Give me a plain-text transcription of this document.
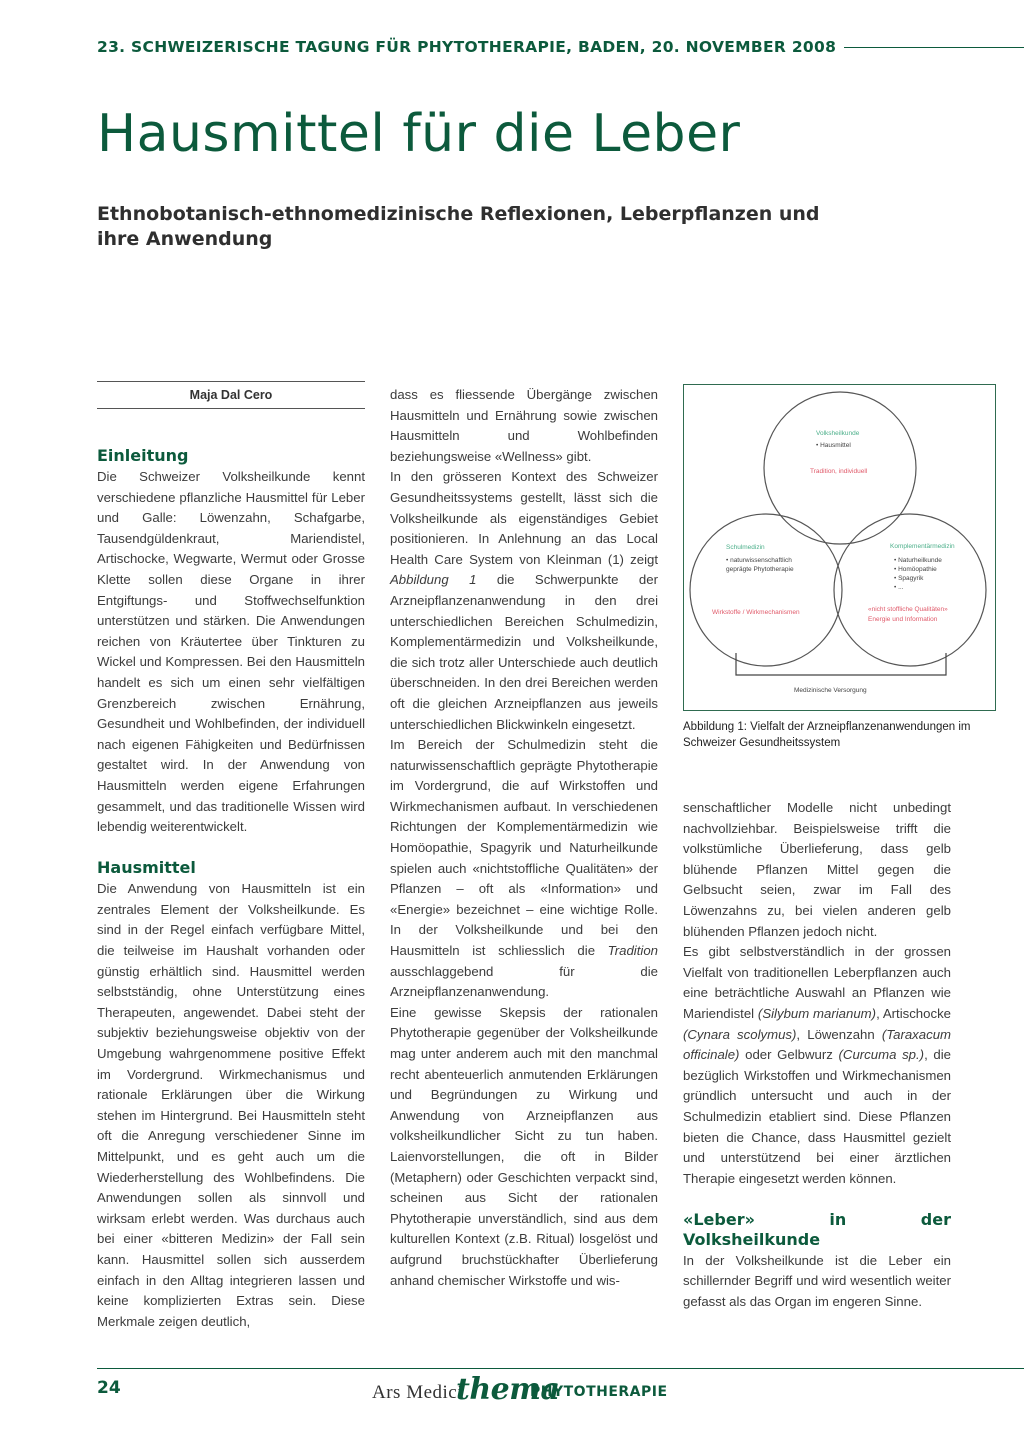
23. SCHWEIZERISCHE TAGUNG FÜR PHYTOTHERAPIE, BADEN, 20. NOVEMBER 2008
Hausmittel für die Leber
Ethnobotanisch-ethnomedizinische Reflexionen, Leberpflanzen und ihre Anwendung
Maja Dal Cero
Einleitung

Die Schweizer Volksheilkunde kennt verschiedene pflanzliche Hausmittel für Leber und Galle: Löwenzahn, Schafgarbe, Tausendgüldenkraut, Mariendistel, Artischocke, Wegwarte, Wermut oder Grosse Klette sollen diese Organe in ihrer Entgiftungs- und Stoffwechselfunktion unterstützen und stärken. Die Anwendungen reichen von Kräutertee über Tinkturen zu Wickel und Kompressen. Bei den Hausmitteln handelt es sich um einen sehr vielfältigen Grenzbereich zwischen Ernährung, Gesundheit und Wohlbefinden, der individuell nach eigenen Fähigkeiten und Bedürfnissen gestaltet wird. In der Anwendung von Hausmitteln werden eigene Erfahrungen gesammelt, und das traditionelle Wissen wird lebendig weiterentwickelt.

Hausmittel

Die Anwendung von Hausmitteln ist ein zentrales Element der Volksheilkunde. Es sind in der Regel einfach verfügbare Mittel, die teilweise im Haushalt vorhanden oder günstig erhältlich sind. Hausmittel werden selbstständig, ohne Unterstützung eines Therapeuten, angewendet. Dabei steht der subjektiv beziehungsweise objektiv von der Umgebung wahrgenommene positive Effekt im Vordergrund. Wirkmechanismus und rationale Erklärungen über die Wirkung stehen im Hintergrund. Bei Hausmitteln steht oft die Anregung verschiedener Sinne im Mittelpunkt, und es geht auch um die Wiederherstellung des Wohlbefindens. Die Anwendungen sollen als sinnvoll und wirksam erlebt werden. Was durchaus auch bei einer «bitteren Medizin» der Fall sein kann. Hausmittel sollen sich ausserdem einfach in den Alltag integrieren lassen und keine komplizierten Extras sein. Diese Merkmale zeigen deutlich,

dass es fliessende Übergänge zwischen Hausmitteln und Ernährung sowie zwischen Hausmitteln und Wohlbefinden beziehungsweise «Wellness» gibt.

In den grösseren Kontext des Schweizer Gesundheitssystems gestellt, lässt sich die Volksheilkunde als eigenständiges Gebiet positionieren. In Anlehnung an das Local Health Care System von Kleinman (1) zeigt Abbildung 1 die Schwerpunkte der Arzneipflanzenanwendung in den drei unterschiedlichen Bereichen Schulmedizin, Komplementärmedizin und Volksheilkunde, die sich trotz aller Unterschiede auch deutlich überschneiden. In den drei Bereichen werden oft die gleichen Arzneipflanzen aus jeweils unterschiedlichen Blickwinkeln eingesetzt.

Im Bereich der Schulmedizin steht die naturwissenschaftlich geprägte Phytotherapie im Vordergrund, die auf Wirkstoffen und Wirkmechanismen aufbaut. In verschiedenen Richtungen der Komplementärmedizin wie Homöopathie, Spagyrik und Naturheilkunde spielen auch «nichtstoffliche Qualitäten» der Pflanzen – oft als «Information» und «Energie» bezeichnet – eine wichtige Rolle. In der Volksheilkunde und bei den Hausmitteln ist schliesslich die Tradition ausschlaggebend für die Arzneipflanzenanwendung.

Eine gewisse Skepsis der rationalen Phytotherapie gegenüber der Volksheilkunde mag unter anderem auch mit den manchmal recht abenteuerlich anmutenden Erklärungen und Begründungen zu Wirkung und Anwendung von Arzneipflanzen aus volksheilkundlicher Sicht zu tun haben. Laienvorstellungen, die oft in Bilder (Metaphern) oder Geschichten verpackt sind, scheinen aus Sicht der rationalen Phytotherapie unverständlich, sind aus dem kulturellen Kontext (z.B. Ritual) losgelöst und aufgrund bruchstückhafter Überlieferung anhand chemischer Wirkstoffe und wis-

Volksheilkunde
• Hausmittel
Tradition, individuell
Schulmedizin
• naturwissenschaftlich
geprägte Phytotherapie
Wirkstoffe / Wirkmechanismen
Komplementärmedizin
• Naturheilkunde
• Homöopathie
• Spagyrik
• ...
«nicht stoffliche Qualitäten»
Energie und Information
Medizinische Versorgung
Abbildung 1: Vielfalt der Arzneipflanzenanwendungen im Schweizer Gesundheitssystem

senschaftlicher Modelle nicht unbedingt nachvollziehbar. Beispielsweise trifft die volkstümliche Überlieferung, dass gelb blühende Pflanzen Mittel gegen die Gelbsucht seien, zwar im Fall des Löwenzahns zu, bei vielen anderen gelb blühenden Pflanzen jedoch nicht.

Es gibt selbstverständlich in der grossen Vielfalt von traditionellen Leberpflanzen auch eine beträchtliche Auswahl an Pflanzen wie Mariendistel (Silybum marianum), Artischocke (Cynara scolymus), Löwenzahn (Taraxacum officinale) oder Gelbwurz (Curcuma sp.), die bezüglich Wirkstoffen und Wirkmechanismen gründlich untersucht und auch in der Schulmedizin etabliert sind. Diese Pflanzen bieten die Chance, dass Hausmittel gezielt und unterstützend bei einer ärztlichen Therapie eingesetzt werden können.

«Leber» in der Volksheilkunde

In der Volksheilkunde ist die Leber ein schillernder Begriff und wird wesentlich weiter gefasst als das Organ im engeren Sinne.

24	Ars Medici
thema
PHYTOTHERAPIE
